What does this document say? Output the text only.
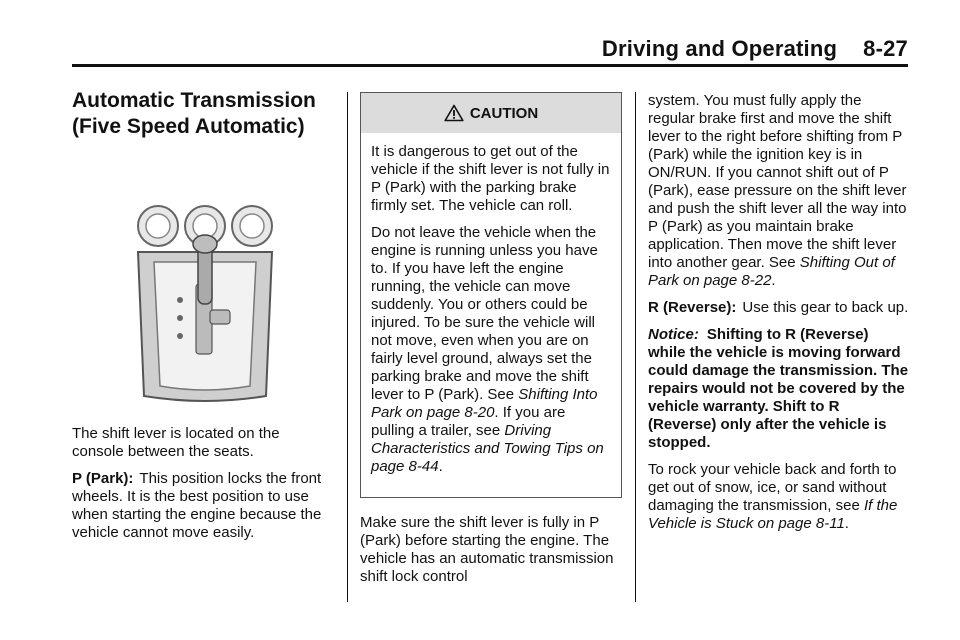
Driving and Operating 8-27
Automatic Transmission
(Five Speed Automatic)

The shift lever is located on the console between the seats.

P (Park): This position locks the front wheels. It is the best position to use when starting the engine because the vehicle cannot move easily.

CAUTION

It is dangerous to get out of the vehicle if the shift lever is not fully in P (Park) with the parking brake firmly set. The vehicle can roll.

Do not leave the vehicle when the engine is running unless you have to. If you have left the engine running, the vehicle can move suddenly. You or others could be injured. To be sure the vehicle will not move, even when you are on fairly level ground, always set the parking brake and move the shift lever to P (Park). See Shifting Into Park on page 8-20. If you are pulling a trailer, see Driving Characteristics and Towing Tips on page 8-44.

Make sure the shift lever is fully in P (Park) before starting the engine. The vehicle has an automatic transmission shift lock control

system. You must fully apply the regular brake first and move the shift lever to the right before shifting from P (Park) while the ignition key is in ON/RUN. If you cannot shift out of P (Park), ease pressure on the shift lever and push the shift lever all the way into P (Park) as you maintain brake application. Then move the shift lever into another gear. See Shifting Out of Park on page 8-22.

R (Reverse): Use this gear to back up.

Notice: Shifting to R (Reverse) while the vehicle is moving forward could damage the transmission. The repairs would not be covered by the vehicle warranty. Shift to R (Reverse) only after the vehicle is stopped.

To rock your vehicle back and forth to get out of snow, ice, or sand without damaging the transmission, see If the Vehicle is Stuck on page 8-11.
